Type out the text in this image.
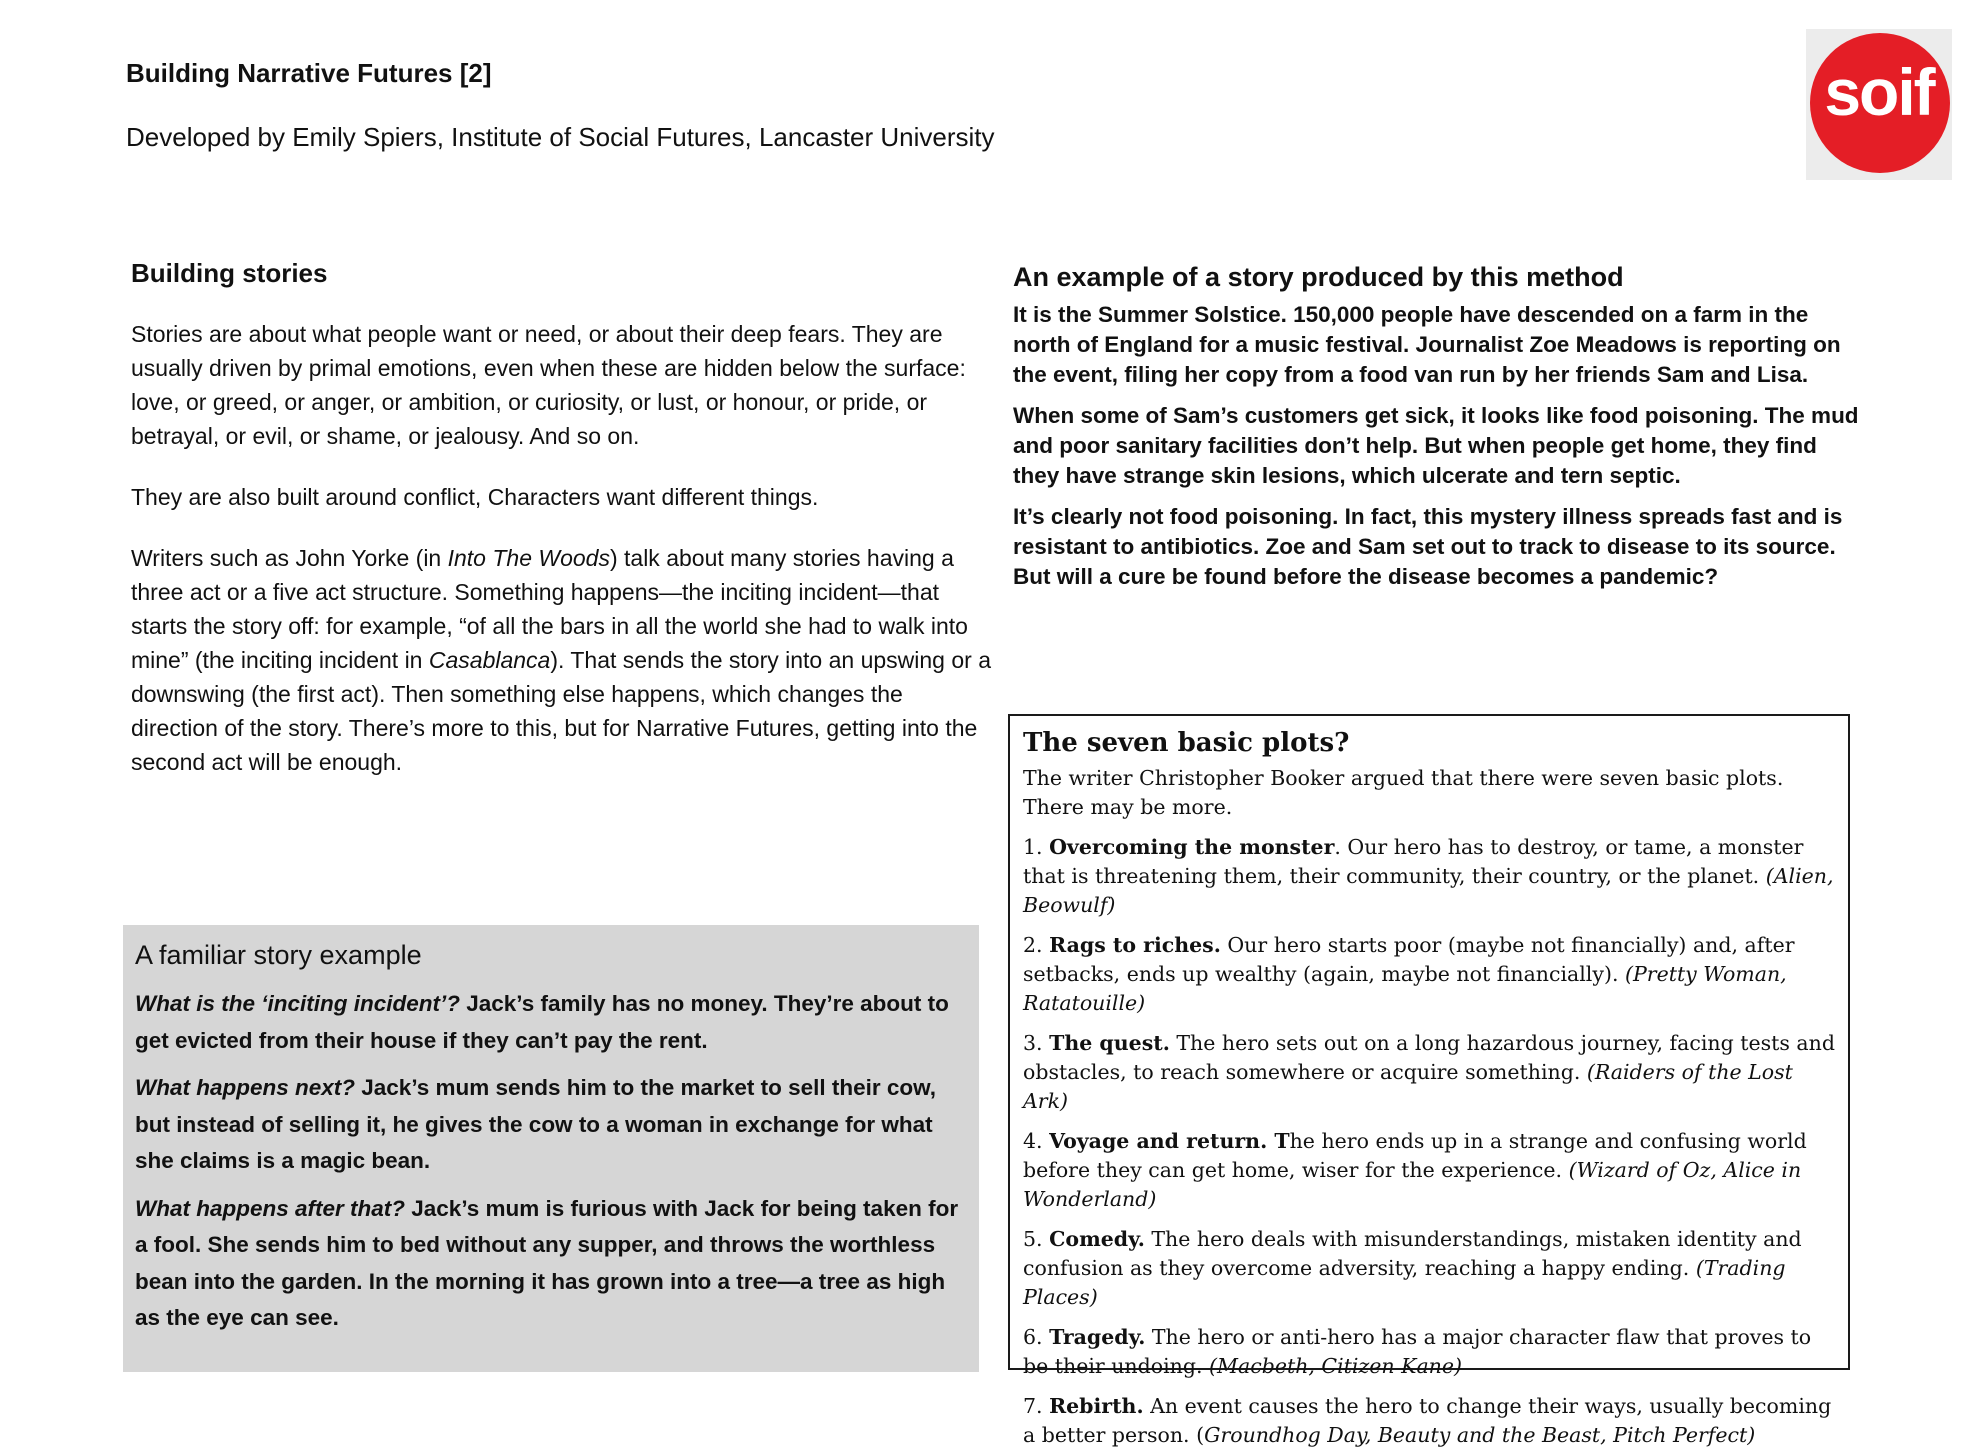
Building Narrative Futures [2]
Developed by Emily Spiers, Institute of Social Futures, Lancaster University
soif
Building stories

Stories are about what people want or need, or about their deep fears. They are usually driven by primal emotions, even when these are hidden below the surface: love, or greed, or anger, or ambition, or curiosity, or lust, or honour, or pride, or betrayal, or evil, or shame, or jealousy. And so on.

They are also built around conflict, Characters want different things.

Writers such as John Yorke (in Into The Woods) talk about many stories having a three act or a five act structure. Something happens—the inciting incident—that starts the story off: for example, “of all the bars in all the world she had to walk into mine” (the inciting incident in Casablanca). That sends the story into an upswing or a downswing (the first act). Then something else happens, which changes the direction of the story. There’s more to this, but for Narrative Futures, getting into the second act will be enough.

An example of a story produced by this method

It is the Summer Solstice. 150,000 people have descended on a farm in the north of England for a music festival. Journalist Zoe Meadows is reporting on the event, filing her copy from a food van run by her friends Sam and Lisa.

When some of Sam’s customers get sick, it looks like food poisoning. The mud and poor sanitary facilities don’t help. But when people get home, they find they have strange skin lesions, which ulcerate and tern septic.

It’s clearly not food poisoning. In fact, this mystery illness spreads fast and is resistant to antibiotics. Zoe and Sam set out to track to disease to its source. But will a cure be found before the disease becomes a pandemic?

A familiar story example

What is the ‘inciting incident’? Jack’s family has no money. They’re about to get evicted from their house if they can’t pay the rent.

What happens next? Jack’s mum sends him to the market to sell their cow, but instead of selling it, he gives the cow to a woman in exchange for what she claims is a magic bean.

What happens after that? Jack’s mum is furious with Jack for being taken for a fool. She sends him to bed without any supper, and throws the worthless bean into the garden. In the morning it has grown into a tree—a tree as high as the eye can see.

The seven basic plots?

The writer Christopher Booker argued that there were seven basic plots. There may be more.

1. Overcoming the monster. Our hero has to destroy, or tame, a monster that is threatening them, their community, their country, or the planet. (Alien, Beowulf)

2. Rags to riches. Our hero starts poor (maybe not financially) and, after setbacks, ends up wealthy (again, maybe not financially). (Pretty Woman, Ratatouille)

3. The quest. The hero sets out on a long hazardous journey, facing tests and obstacles, to reach somewhere or acquire something. (Raiders of the Lost Ark)

4. Voyage and return. The hero ends up in a strange and confusing world before they can get home, wiser for the experience. (Wizard of Oz, Alice in Wonderland)

5. Comedy. The hero deals with misunderstandings, mistaken identity and confusion as they overcome adversity, reaching a happy ending. (Trading Places)

6. Tragedy. The hero or anti-hero has a major character flaw that proves to be their undoing. (Macbeth, Citizen Kane)

7. Rebirth. An event causes the hero to change their ways, usually becoming a better person. (Groundhog Day, Beauty and the Beast, Pitch Perfect)
